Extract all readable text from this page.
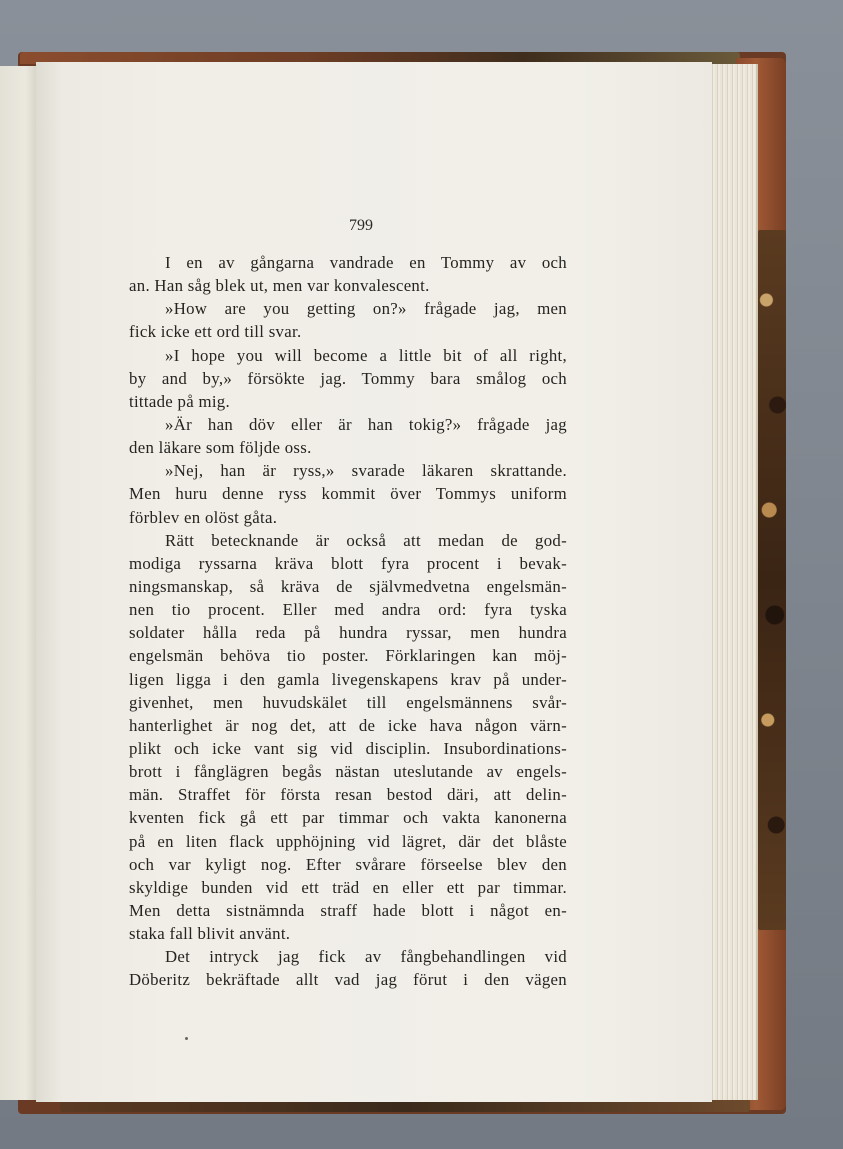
799
I en av gångarna vandrade en Tommy av och
an. Han såg blek ut, men var konvalescent.
»How are you getting on?» frågade jag, men
fick icke ett ord till svar.
»I hope you will become a little bit of all right,
by and by,» försökte jag. Tommy bara smålog och
tittade på mig.
»Är han döv eller är han tokig?» frågade jag
den läkare som följde oss.
»Nej, han är ryss,» svarade läkaren skrattande.
Men huru denne ryss kommit över Tommys uniform
förblev en olöst gåta.
Rätt betecknande är också att medan de god-
modiga ryssarna kräva blott fyra procent i bevak-
ningsmanskap, så kräva de självmedvetna engelsmän-
nen tio procent. Eller med andra ord: fyra tyska
soldater hålla reda på hundra ryssar, men hundra
engelsmän behöva tio poster. Förklaringen kan möj-
ligen ligga i den gamla livegenskapens krav på under-
givenhet, men huvudskälet till engelsmännens svår-
hanterlighet är nog det, att de icke hava någon värn-
plikt och icke vant sig vid disciplin. Insubordinations-
brott i fånglägren begås nästan uteslutande av engels-
män. Straffet för första resan bestod däri, att delin-
kventen fick gå ett par timmar och vakta kanonerna
på en liten flack upphöjning vid lägret, där det blåste
och var kyligt nog. Efter svårare förseelse blev den
skyldige bunden vid ett träd en eller ett par timmar.
Men detta sistnämnda straff hade blott i något en-
staka fall blivit använt.
Det intryck jag fick av fångbehandlingen vid
Döberitz bekräftade allt vad jag förut i den vägen
